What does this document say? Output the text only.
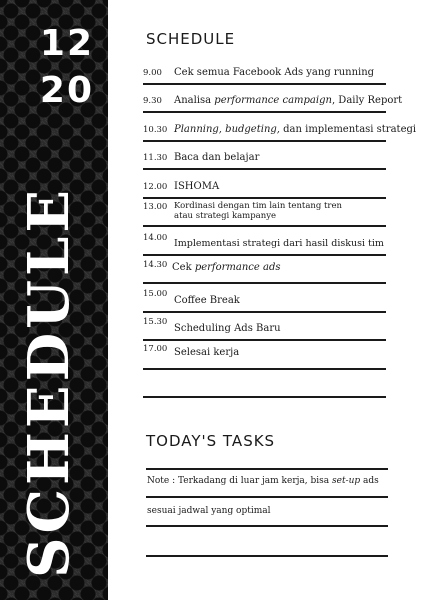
12
20
SCHEDULE
SCHEDULE
9.00 Cek semua Facebook Ads yang running
9.30 Analisa performance campaign, Daily Report
10.30 Planning, budgeting, dan implementasi strategi
11.30 Baca dan belajar
12.00 ISHOMA
13.00 Kordinasi dengan tim lain tentang tren
atau strategi kampanye
14.00 Implementasi strategi dari hasil diskusi tim
14.30 Cek performance ads
15.00
Coffee Break
15.30
Scheduling Ads Baru
17.00 Selesai kerja
TODAY'S TASKS
Note : Terkadang di luar jam kerja, bisa set-up ads
sesuai jadwal yang optimal
